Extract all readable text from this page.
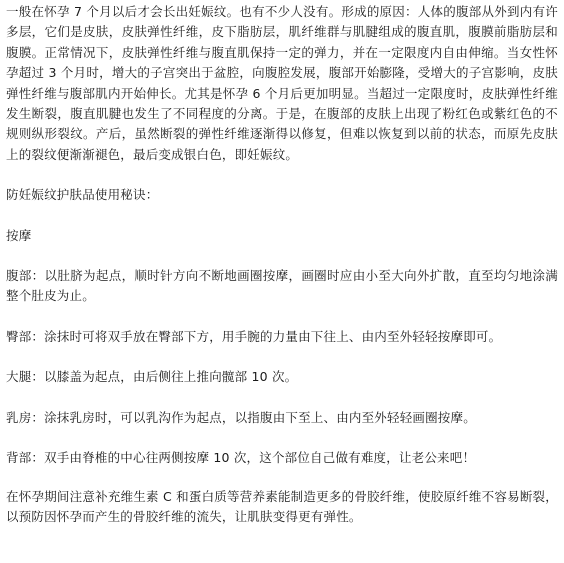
一般在怀孕 7 个月以后才会长出妊娠纹。也有不少人没有。形成的原因：人体的腹部从外到内有许多层，它们是皮肤，皮肤弹性纤维，皮下脂肪层，肌纤维群与肌腱组成的腹直肌，腹膜前脂肪层和腹膜。正常情况下，皮肤弹性纤维与腹直肌保持一定的弹力，并在一定限度内自由伸缩。当女性怀孕超过 3 个月时，增大的子宫突出于盆腔，向腹腔发展，腹部开始膨隆，受增大的子宫影响，皮肤弹性纤维与腹部肌内开始伸长。尤其是怀孕 6 个月后更加明显。当超过一定限度时，皮肤弹性纤维发生断裂，腹直肌腱也发生了不同程度的分离。于是，在腹部的皮肤上出现了粉红色或紫红色的不规则纵形裂纹。产后，虽然断裂的弹性纤维逐渐得以修复，但难以恢复到以前的状态，而原先皮肤上的裂纹便渐渐褪色，最后变成银白色，即妊娠纹。

防妊娠纹护肤品使用秘诀：

按摩

腹部：以肚脐为起点，顺时针方向不断地画圈按摩，画圈时应由小至大向外扩散，直至均匀地涂满整个肚皮为止。

臀部：涂抹时可将双手放在臀部下方，用手腕的力量由下往上、由内至外轻轻按摩即可。

大腿：以膝盖为起点，由后侧往上推向髋部 10 次。

乳房：涂抹乳房时，可以乳沟作为起点，以指腹由下至上、由内至外轻轻画圈按摩。

背部：双手由脊椎的中心往两侧按摩 10 次，这个部位自己做有难度，让老公来吧！

在怀孕期间注意补充维生素 C 和蛋白质等营养素能制造更多的骨胶纤维，使胶原纤维不容易断裂，以预防因怀孕而产生的骨胶纤维的流失，让肌肤变得更有弹性。
